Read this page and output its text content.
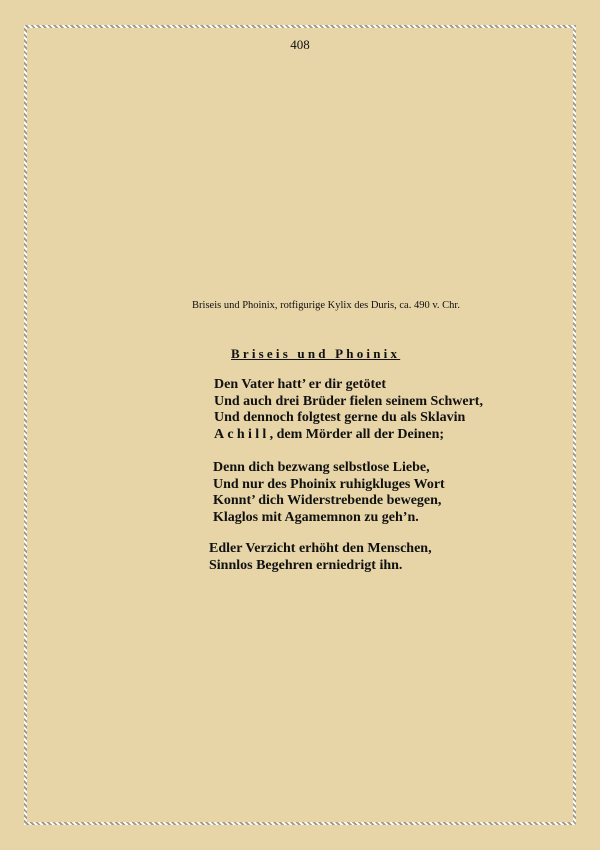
408
Briseis und Phoinix, rotfigurige Kylix des Duris, ca. 490 v. Chr.
Briseis und Phoinix
Den Vater hatt’ er dir getötet
Und auch drei Brüder fielen seinem Schwert,
Und dennoch folgtest gerne du als Sklavin
Achill, dem Mörder all der Deinen;
Denn dich bezwang selbstlose Liebe,
Und nur des Phoinix ruhigkluges Wort
Konnt’ dich Widerstrebende bewegen,
Klaglos mit Agamemnon zu geh’n.
Edler Verzicht erhöht den Menschen,
Sinnlos Begehren erniedrigt ihn.
